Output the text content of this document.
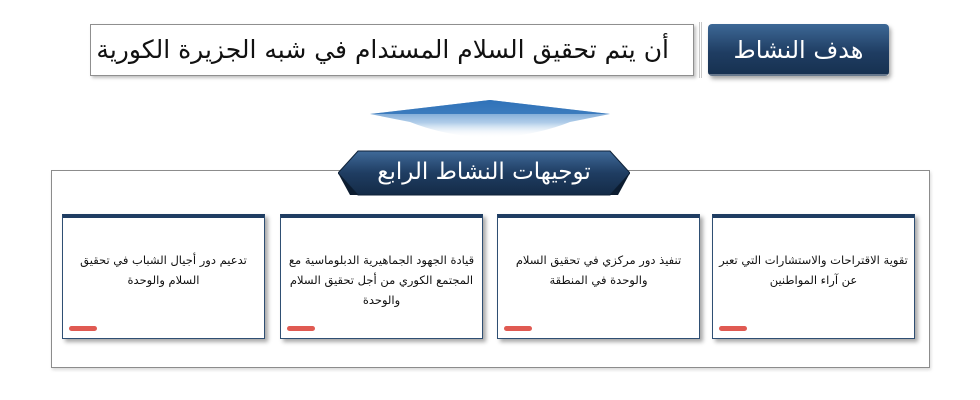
أن يتم تحقيق السلام المستدام في شبه الجزيرة الكورية	هدف النشاط
توجيهات النشاط الرابع
تقوية الاقتراحات والاستشارات التي تعبر عن آراء المواطنين
تنفيذ دور مركزي في تحقيق السلام والوحدة في المنطقة
قيادة الجهود الجماهيرية الدبلوماسية مع المجتمع الكوري من أجل تحقيق السلام والوحدة
تدعيم دور أجيال الشباب في تحقيق السلام والوحدة
